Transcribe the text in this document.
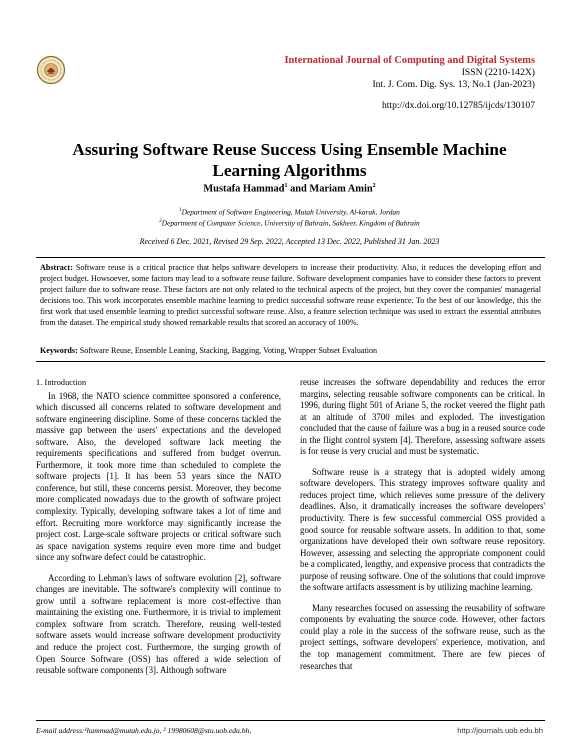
International Journal of Computing and Digital Systems
ISSN (2210-142X)
Int. J. Com. Dig. Sys. 13, No.1 (Jan-2023)
http://dx.doi.org/10.12785/ijcds/130107
Assuring Software Reuse Success Using Ensemble Machine
Learning Algorithms
Mustafa Hammad$^1$ and Mariam Amin$^2$
$^1$Department of Software Engineering, Mutah University, Al-karak, Jordan
$^2$Department of Computer Science, University of Bahrain, Sakheer, Kingdom of Bahrain
Received 6 Dec. 2021, Revised 29 Sep. 2022, Accepted 13 Dec. 2022, Published 31 Jan. 2023
Abstract: Software reuse is a critical practice that helps software developers to increase their productivity. Also, it reduces the developing effort and project budget. Howsoever, some factors may lead to a software reuse failure. Software development companies have to consider these factors to prevent project failure due to software reuse. These factors are not only related to the technical aspects of the project, but they cover the companies' managerial decisions too. This work incorporates ensemble machine learning to predict successful software reuse experience. To the best of our knowledge, this the first work that used ensemble learning to predict successful software reuse. Also, a feature selection technique was used to extract the essential attributes from the dataset. The empirical study showed remarkable results that scored an accuracy of 100%.
Keywords: Software Reuse, Ensemble Leaning, Stacking, Bagging, Voting, Wrapper Subset Evaluation

1. Introduction

In 1968, the NATO science committee sponsored a conference, which discussed all concerns related to software development and software engineering discipline. Some of these concerns tackled the massive gap between the users' expectations and the developed software. Also, the developed software lack meeting the requirements specifications and suffered from budget overrun. Furthermore, it took more time than scheduled to complete the software projects [1]. It has been 53 years since the NATO conference, but still, these concerns persist. Moreover, they become more complicated nowadays due to the growth of software project complexity. Typically, developing software takes a lot of time and effort. Recruiting more workforce may significantly increase the project cost. Large-scale software projects or critical software such as space navigation systems require even more time and budget since any software defect could be catastrophic.

According to Lehman's laws of software evolution [2], software changes are inevitable. The software's complexity will continue to grow until a software replacement is more cost-effective than maintaining the existing one. Furthermore, it is trivial to implement complex software from scratch. Therefore, reusing well-tested software assets would increase software development productivity and reduce the project cost. Furthermore, the surging growth of Open Source Software (OSS) has offered a wide selection of reusable software components [3]. Although software

reuse increases the software dependability and reduces the error margins, selecting reusable software components can be critical. In 1996, during flight 501 of Ariane 5, the rocket veered the flight path at an altitude of 3700 miles and exploded. The investigation concluded that the cause of failure was a bug in a reused source code in the flight control system [4]. Therefore, assessing software assets is for reuse is very crucial and must be systematic.

Software reuse is a strategy that is adopted widely among software developers. This strategy improves software quality and reduces project time, which relieves some pressure of the delivery deadlines. Also, it dramatically increases the software developers' productivity. There is few successful commercial OSS provided a good source for reusable software assets. In addition to that, some organizations have developed their own software reuse repository. However, assessing and selecting the appropriate component could be a complicated, lengthy, and expensive process that contradicts the purpose of reusing software. One of the solutions that could improve the software artifacts assessment is by utilizing machine learning.

Many researches focused on assessing the reusability of software components by evaluating the source code. However, other factors could play a role in the success of the software reuse, such as the project settings, software developers' experience, motivation, and the top management commitment. There are few pieces of researches that

E-mail address:¹hammad@mutah.edu.jo, ² 19980608@stu.uob.edu.bh,	http://journals.uob.edu.bh
